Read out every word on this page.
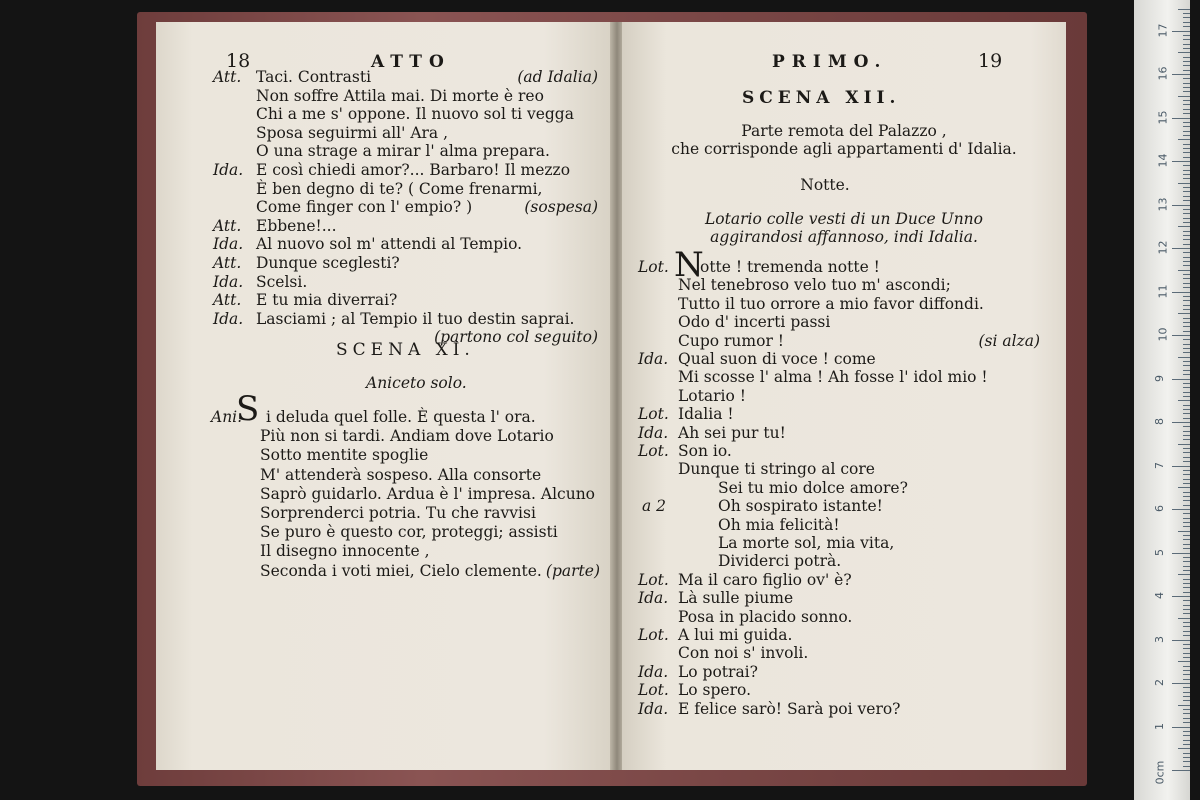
18	ATTO
Att. Taci. Contrasti	(ad Idalia)
Non soffre Attila mai. Di morte è reo
Chi a me s' oppone. Il nuovo sol ti vegga
Sposa seguirmi all' Ara ,
O una strage a mirar l' alma prepara.
Ida. E così chiedi amor?... Barbaro! Il mezzo
È ben degno di te? ( Come frenarmi,
Come finger con l' empio? )	(sospesa)
Att. Ebbene!...
Ida. Al nuovo sol m' attendi al Tempio.
Att. Dunque sceglesti?
Ida. Scelsi.
Att. E tu mia diverrai?
Ida. Lasciami ; al Tempio il tuo destin saprai.
(partono col seguito)
SCENA XI.
Aniceto solo.
Ani.
S i deluda quel folle. È questa l' ora.
Più non si tardi. Andiam dove Lotario
Sotto mentite spoglie
M' attenderà sospeso. Alla consorte
Saprò guidarlo. Ardua è l' impresa. Alcuno
Sorprenderci potria. Tu che ravvisi
Se puro è questo cor, proteggi; assisti
Il disegno innocente ,
Seconda i voti miei, Cielo clemente. (parte)
PRIMO.	19
SCENA XII.
Parte remota del Palazzo ,
che corrisponde agli appartamenti d' Idalia.
Notte.
Lotario colle vesti di un Duce Unno
aggirandosi affannoso, indi Idalia.
N
Lot. otte ! tremenda notte !
Nel tenebroso velo tuo m' ascondi;
Tutto il tuo orrore a mio favor diffondi.
Odo d' incerti passi
Cupo rumor !	(si alza)
Ida. Qual suon di voce ! come
Mi scosse l' alma ! Ah fosse l' idol mio !
Lotario !
Lot. Idalia !
Ida. Ah sei pur tu!
Lot. Son io.
Dunque ti stringo al core
Sei tu mio dolce amore?
a 2	Oh sospirato istante!
Oh mia felicità!
La morte sol, mia vita,
Dividerci potrà.
Lot. Ma il caro figlio ov' è?
Ida. Là sulle piume
Posa in placido sonno.
Lot. A lui mi guida.
Con noi s' involi.
Ida. Lo potrai?
Lot. Lo spero.
Ida. E felice sarò! Sarà poi vero?
0cm
1
2
3
4
5
6
7
8
9
10
11
12
13
14
15
16
17
